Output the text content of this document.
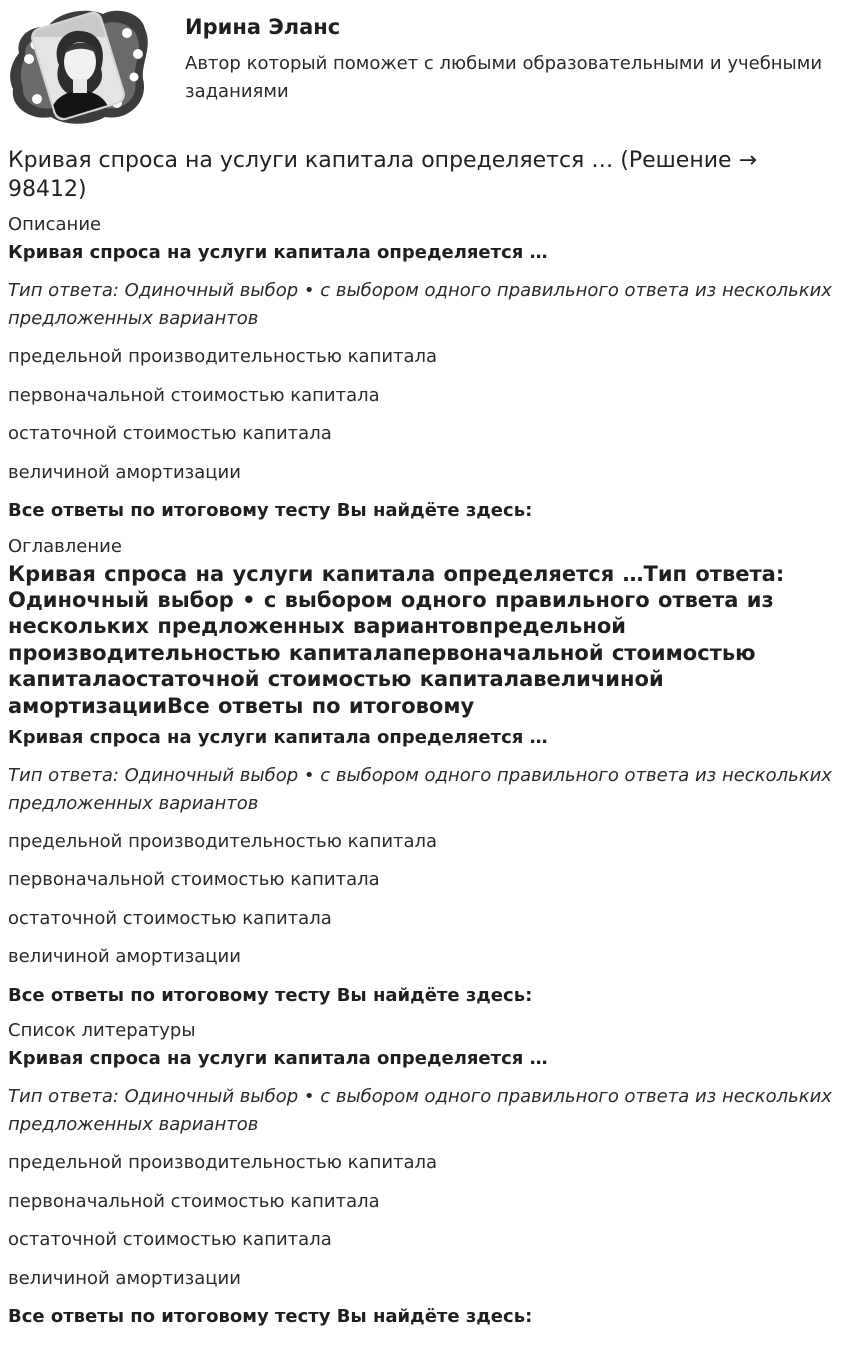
Ирина Эланс
Автор который поможет с любыми образовательными и учебными заданиями
Кривая спроса на услуги капитала определяется … (Решение → 98412)
Описание
Кривая спроса на услуги капитала определяется …
Тип ответа: Одиночный выбор • с выбором одного правильного ответа из нескольких предложенных вариантов
предельной производительностью капитала
первоначальной стоимостью капитала
остаточной стоимостью капитала
величиной амортизации
Все ответы по итоговому тесту Вы найдёте здесь:
Оглавление
Кривая спроса на услуги капитала определяется …Тип ответа: Одиночный выбор • с выбором одного правильного ответа из нескольких предложенных вариантовпредельной производительностью капиталапервоначальной стоимостью капиталаостаточной стоимостью капиталавеличиной амортизацииВсе ответы по итоговому
Кривая спроса на услуги капитала определяется …
Тип ответа: Одиночный выбор • с выбором одного правильного ответа из нескольких предложенных вариантов
предельной производительностью капитала
первоначальной стоимостью капитала
остаточной стоимостью капитала
величиной амортизации
Все ответы по итоговому тесту Вы найдёте здесь:
Список литературы
Кривая спроса на услуги капитала определяется …
Тип ответа: Одиночный выбор • с выбором одного правильного ответа из нескольких предложенных вариантов
предельной производительностью капитала
первоначальной стоимостью капитала
остаточной стоимостью капитала
величиной амортизации
Все ответы по итоговому тесту Вы найдёте здесь:
